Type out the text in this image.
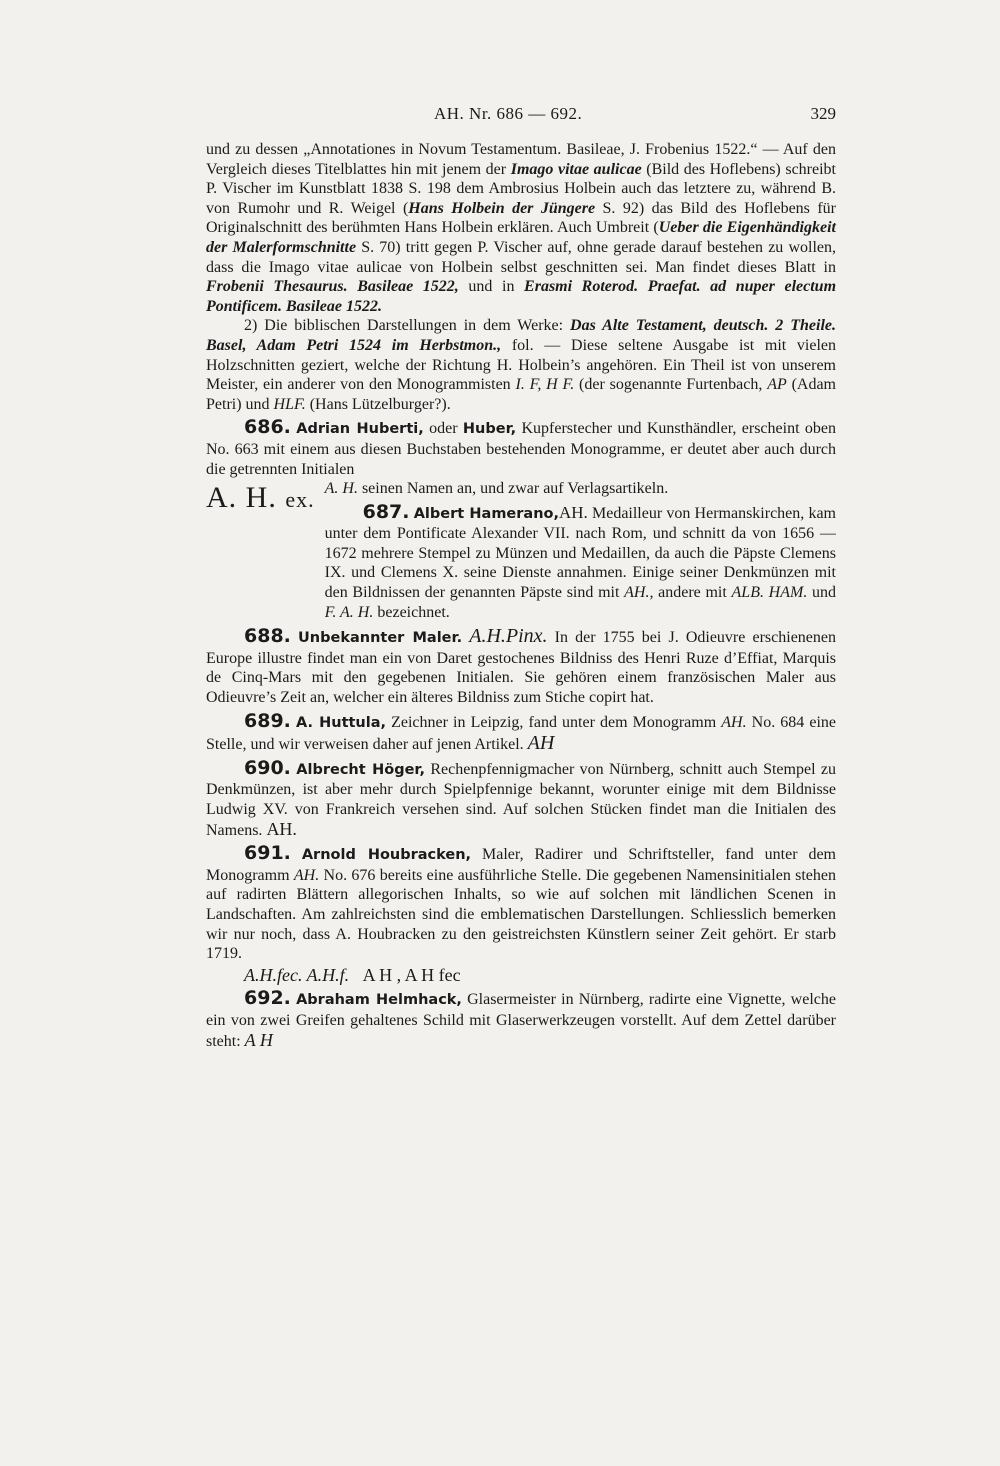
AH. Nr. 686 — 692.	329

und zu dessen „Annotationes in Novum Testamentum. Basileae, J. Frobenius 1522.“ — Auf den Vergleich dieses Titelblattes hin mit jenem der Imago vitae aulicae (Bild des Hoflebens) schreibt P. Vischer im Kunstblatt 1838 S. 198 dem Ambrosius Holbein auch das letztere zu, während B. von Rumohr und R. Weigel (Hans Holbein der Jüngere S. 92) das Bild des Hoflebens für Originalschnitt des berühmten Hans Holbein erklären. Auch Umbreit (Ueber die Eigenhändigkeit der Malerformschnitte S. 70) tritt gegen P. Vischer auf, ohne gerade darauf bestehen zu wollen, dass die Imago vitae aulicae von Holbein selbst geschnitten sei. Man findet dieses Blatt in Frobenii Thesaurus. Basileae 1522, und in Erasmi Roterod. Praefat. ad nuper electum Pontificem. Basileae 1522.

2) Die biblischen Darstellungen in dem Werke: Das Alte Testament, deutsch. 2 Theile. Basel, Adam Petri 1524 im Herbstmon., fol. — Diese seltene Ausgabe ist mit vielen Holzschnitten geziert, welche der Richtung H. Holbein’s angehören. Ein Theil ist von unserem Meister, ein anderer von den Monogrammisten I. F, H F. (der sogenannte Furtenbach, AP (Adam Petri) und HLF. (Hans Lützelburger?).

686. Adrian Huberti, oder Huber, Kupferstecher und Kunsthändler, erscheint oben No. 663 mit einem aus diesen Buchstaben bestehenden Monogramme, er deutet aber auch durch die getrennten Initialen

A. H. ex. A. H. seinen Namen an, und zwar auf Verlagsartikeln.

687. Albert Hamerano,AH. Medailleur von Hermanskirchen, kam unter dem Pontificate Alexander VII. nach Rom, und schnitt da von 1656 — 1672 mehrere Stempel zu Münzen und Medaillen, da auch die Päpste Clemens IX. und Clemens X. seine Dienste annahmen. Einige seiner Denkmünzen mit den Bildnissen der genannten Päpste sind mit AH., andere mit ALB. HAM. und F. A. H. bezeichnet.

688. Unbekannter Maler. A.H.Pinx. In der 1755 bei J. Odieuvre erschienenen Europe illustre findet man ein von Daret gestochenes Bildniss des Henri Ruze d’Effiat, Marquis de Cinq-Mars mit den gegebenen Initialen. Sie gehören einem französischen Maler aus Odieuvre’s Zeit an, welcher ein älteres Bildniss zum Stiche copirt hat.

689. A. Huttula, Zeichner in Leipzig, fand unter dem Monogramm AH. No. 684 eine Stelle, und wir verweisen daher auf jenen Artikel. AH

690. Albrecht Höger, Rechenpfennigmacher von Nürnberg, schnitt auch Stempel zu Denkmünzen, ist aber mehr durch Spielpfennige bekannt, worunter einige mit dem Bildnisse Ludwig XV. von Frankreich versehen sind. Auf solchen Stücken findet man die Initialen des Namens. AH.

691. Arnold Houbracken, Maler, Radirer und Schriftsteller, fand unter dem Monogramm AH. No. 676 bereits eine ausführliche Stelle. Die gegebenen Namensinitialen stehen auf radirten Blättern allegorischen Inhalts, so wie auf solchen mit ländlichen Scenen in Landschaften. Am zahlreichsten sind die emblematischen Darstellungen. Schliesslich bemerken wir nur noch, dass A. Houbracken zu den geistreichsten Künstlern seiner Zeit gehört. Er starb 1719.

A.H.fec. A.H.f. A H , A H fec

692. Abraham Helmhack, Glasermeister in Nürnberg, radirte eine Vignette, welche ein von zwei Greifen gehaltenes Schild mit Glaserwerkzeugen vorstellt. Auf dem Zettel darüber steht: A H
